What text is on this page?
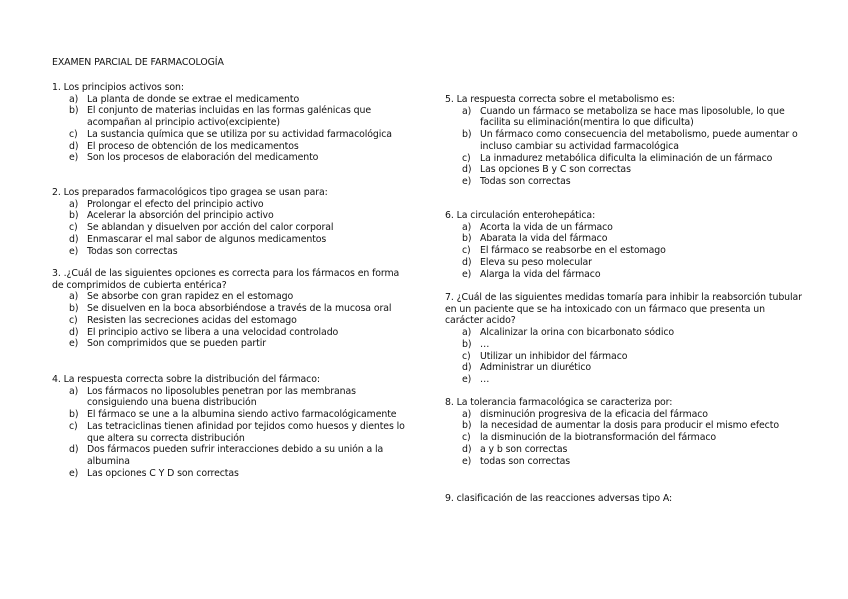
EXAMEN PARCIAL DE FARMACOLOGÍA
1. Los principios activos son:
a) La planta de donde se extrae el medicamento
b) El conjunto de materias incluidas en las formas galénicas que acompañan al principio activo(excipiente)
c) La sustancia química que se utiliza por su actividad farmacológica
d) El proceso de obtención de los medicamentos
e) Son los procesos de elaboración del medicamento
2. Los preparados farmacológicos tipo gragea se usan para:
a) Prolongar el efecto del principio activo
b) Acelerar la absorción del principio activo
c) Se ablandan y disuelven por acción del calor corporal
d) Enmascarar el mal sabor de algunos medicamentos
e) Todas son correctas
3. .¿Cuál de las siguientes opciones es correcta para los fármacos en forma de comprimidos de cubierta entérica?
a) Se absorbe con gran rapidez en el estomago
b) Se disuelven en la boca absorbiéndose a través de la mucosa oral
c) Resisten las secreciones acidas del estomago
d) El principio activo se libera a una velocidad controlado
e) Son comprimidos que se pueden partir
4. La respuesta correcta sobre la distribución del fármaco:
a) Los fármacos no liposolubles penetran por las membranas consiguiendo una buena distribución
b) El fármaco se une a la albumina siendo activo farmacológicamente
c) Las tetraciclinas tienen afinidad por tejidos como huesos y dientes lo que altera su correcta distribución
d) Dos fármacos pueden sufrir interacciones debido a su unión a la albumina
e) Las opciones C Y D son correctas
5. La respuesta correcta sobre el metabolismo es:
a) Cuando un fármaco se metaboliza se hace mas liposoluble, lo que facilita su eliminación(mentira lo que dificulta)
b) Un fármaco como consecuencia del metabolismo, puede aumentar o incluso cambiar su actividad farmacológica
c) La inmadurez metabólica dificulta la eliminación de un fármaco
d) Las opciones B y C son correctas
e) Todas son correctas
6. La circulación enterohepática:
a) Acorta la vida de un fármaco
b) Abarata la vida del fármaco
c) El fármaco se reabsorbe en el estomago
d) Eleva su peso molecular
e) Alarga la vida del fármaco
7. ¿Cuál de las siguientes medidas tomaría para inhibir la reabsorción tubular en un paciente que se ha intoxicado con un fármaco que presenta un carácter acido?
a) Alcalinizar la orina con bicarbonato sódico
b) …
c) Utilizar un inhibidor del fármaco
d) Administrar un diurético
e) …
8. La tolerancia farmacológica se caracteriza por:
a) disminución progresiva de la eficacia del fármaco
b) la necesidad de aumentar la dosis para producir el mismo efecto
c) la disminución de la biotransformación del fármaco
d) a y b son correctas
e) todas son correctas
9. clasificación de las reacciones adversas tipo A:
